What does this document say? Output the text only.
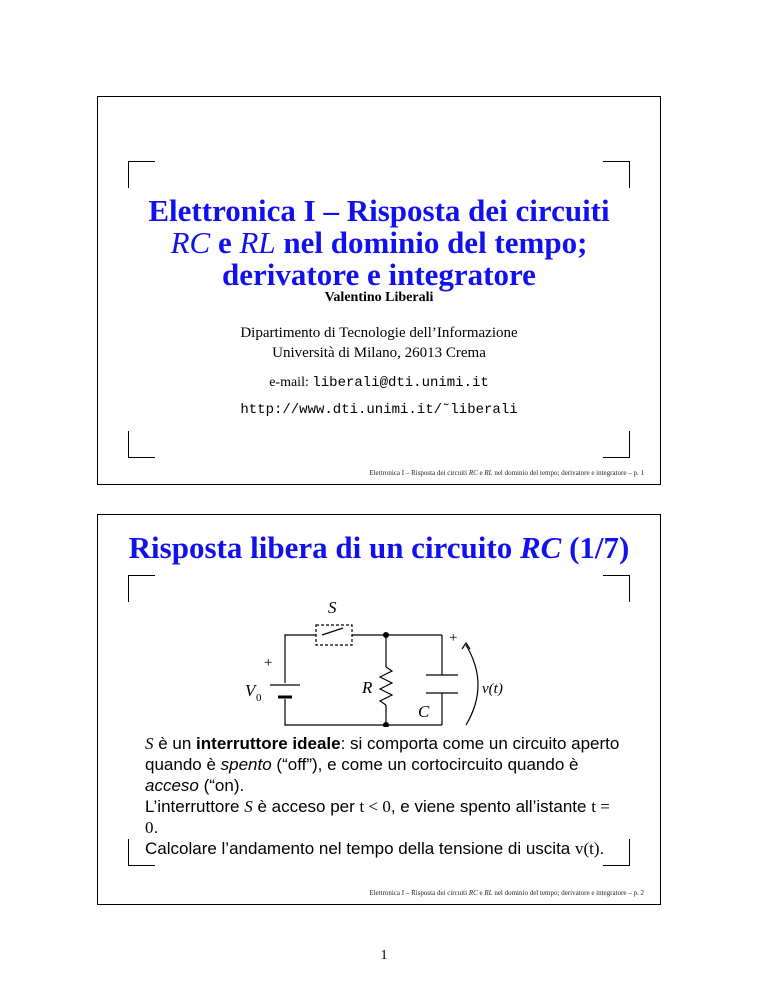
Elettronica I – Risposta dei circuiti
RC e RL nel dominio del tempo;
derivatore e integratore
Valentino Liberali
Dipartimento di Tecnologie dell’Informazione
Università di Milano, 26013 Crema
e-mail: liberali@dti.unimi.it
http://www.dti.unimi.it/˜liberali
Elettronica I – Risposta dei circuiti RC e RL nel dominio del tempo; derivatore e integratore – p. 1
Risposta libera di un circuito RC (1/7)
S
+
V 0
R
C
+
v(t)
S è un interruttore ideale: si comporta come un circuito aperto quando è spento (“off”), e come un cortocircuito quando è acceso (“on).
L’interruttore S è acceso per t < 0, e viene spento all’istante t = 0.
Calcolare l’andamento nel tempo della tensione di uscita v(t).
Elettronica I – Risposta dei circuiti RC e RL nel dominio del tempo; derivatore e integratore – p. 2
1
